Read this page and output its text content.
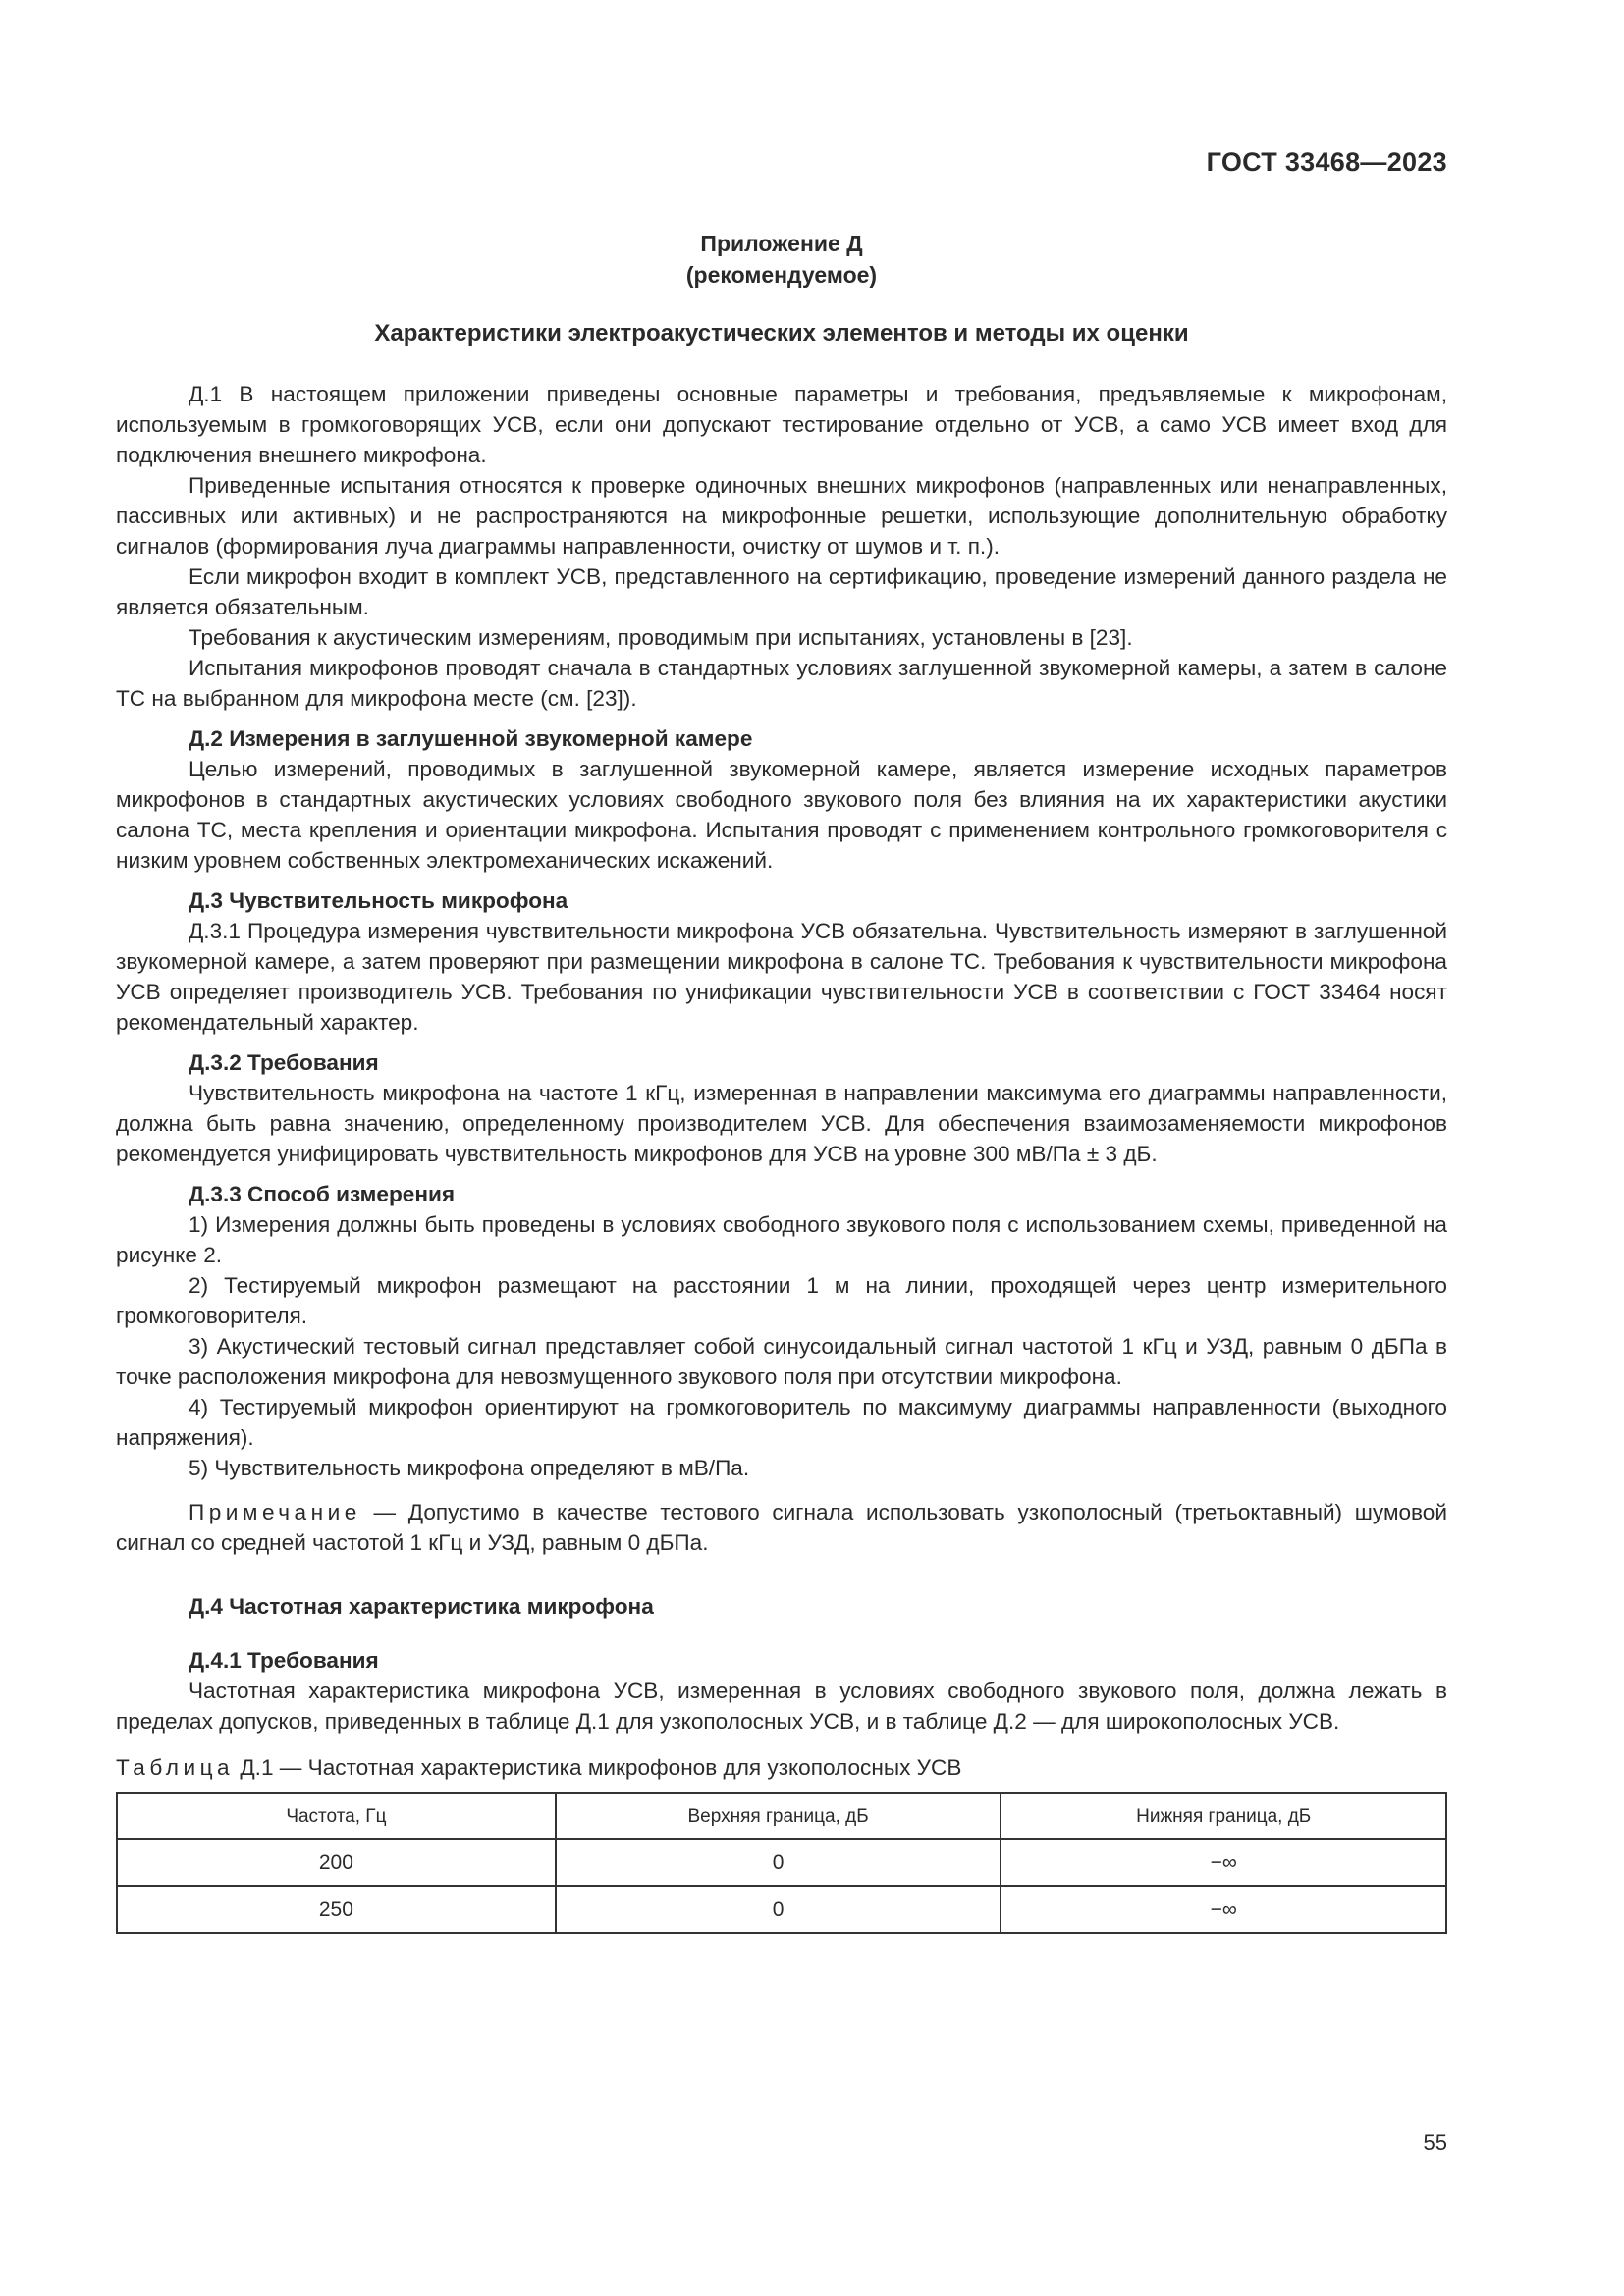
ГОСТ 33468—2023
Приложение Д
(рекомендуемое)
Характеристики электроакустических элементов и методы их оценки

Д.1 В настоящем приложении приведены основные параметры и требования, предъявляемые к микрофонам, используемым в громкоговорящих УСВ, если они допускают тестирование отдельно от УСВ, а само УСВ имеет вход для подключения внешнего микрофона.

Приведенные испытания относятся к проверке одиночных внешних микрофонов (направленных или ненаправленных, пассивных или активных) и не распространяются на микрофонные решетки, использующие дополнительную обработку сигналов (формирования луча диаграммы направленности, очистку от шумов и т. п.).

Если микрофон входит в комплект УСВ, представленного на сертификацию, проведение измерений данного раздела не является обязательным.

Требования к акустическим измерениям, проводимым при испытаниях, установлены в [23].

Испытания микрофонов проводят сначала в стандартных условиях заглушенной звукомерной камеры, а затем в салоне ТС на выбранном для микрофона месте (см. [23]).

Д.2 Измерения в заглушенной звукомерной камере

Целью измерений, проводимых в заглушенной звукомерной камере, является измерение исходных параметров микрофонов в стандартных акустических условиях свободного звукового поля без влияния на их характеристики акустики салона ТС, места крепления и ориентации микрофона. Испытания проводят с применением контрольного громкоговорителя с низким уровнем собственных электромеханических искажений.

Д.3 Чувствительность микрофона

Д.3.1 Процедура измерения чувствительности микрофона УСВ обязательна. Чувствительность измеряют в заглушенной звукомерной камере, а затем проверяют при размещении микрофона в салоне ТС. Требования к чувствительности микрофона УСВ определяет производитель УСВ. Требования по унификации чувствительности УСВ в соответствии с ГОСТ 33464 носят рекомендательный характер.

Д.3.2 Требования

Чувствительность микрофона на частоте 1 кГц, измеренная в направлении максимума его диаграммы направленности, должна быть равна значению, определенному производителем УСВ. Для обеспечения взаимозаменяемости микрофонов рекомендуется унифицировать чувствительность микрофонов для УСВ на уровне 300 мВ/Па ± 3 дБ.

Д.3.3 Способ измерения

1) Измерения должны быть проведены в условиях свободного звукового поля с использованием схемы, приведенной на рисунке 2.

2) Тестируемый микрофон размещают на расстоянии 1 м на линии, проходящей через центр измерительного громкоговорителя.

3) Акустический тестовый сигнал представляет собой синусоидальный сигнал частотой 1 кГц и УЗД, равным 0 дБПа в точке расположения микрофона для невозмущенного звукового поля при отсутствии микрофона.

4) Тестируемый микрофон ориентируют на громкоговоритель по максимуму диаграммы направленности (выходного напряжения).

5) Чувствительность микрофона определяют в мВ/Па.

Примечание — Допустимо в качестве тестового сигнала использовать узкополосный (третьоктавный) шумовой сигнал со средней частотой 1 кГц и УЗД, равным 0 дБПа.

Д.4 Частотная характеристика микрофона
Д.4.1 Требования

Частотная характеристика микрофона УСВ, измеренная в условиях свободного звукового поля, должна лежать в пределах допусков, приведенных в таблице Д.1 для узкополосных УСВ, и в таблице Д.2 — для широкополосных УСВ.

Таблица Д.1 — Частотная характеристика микрофонов для узкополосных УСВ
Частота, Гц	Верхняя граница, дБ	Нижняя граница, дБ
200	0	−∞
250	0	−∞
55
